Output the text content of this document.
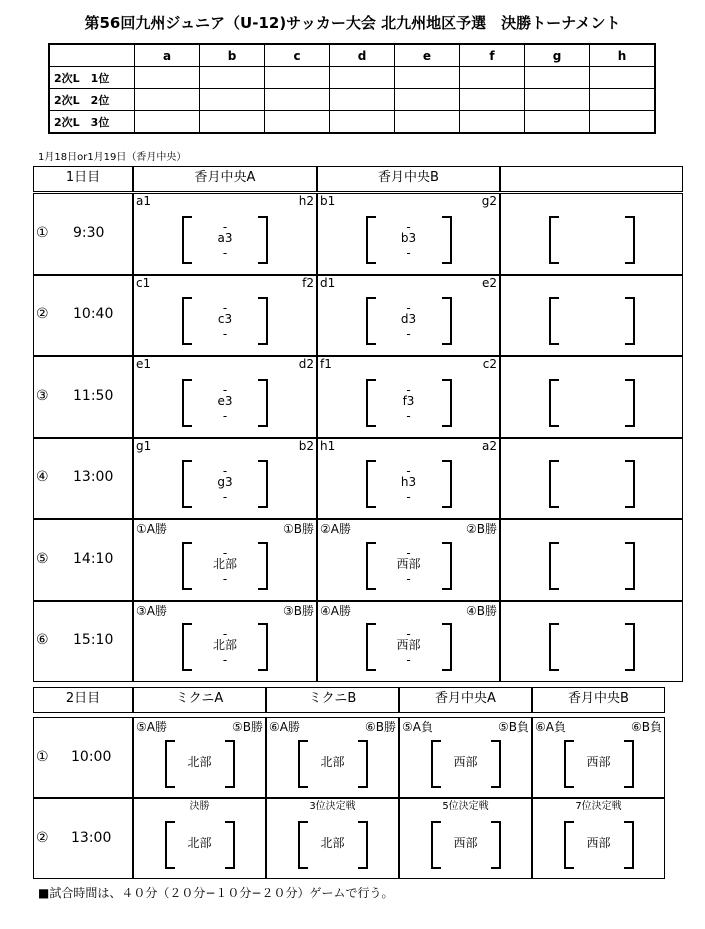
第56回九州ジュニア（U-12)サッカー大会 北九州地区予選　決勝トーナメント
	a	b	c	d	e	f	g	h
2次L　1位								
2次L　2位								
2次L　3位								
1月18日or1月19日（香月中央）
1日目	香月中央A	香月中央B
① 9:30
a1	h2
-
-
a3
b1	g2
-
-
b3
② 10:40
c1	f2
-
-
c3
d1	e2
-
-
d3
③ 11:50
e1	d2
-
-
e3
f1	c2
-
-
f3
④ 13:00
g1	b2
-
-
g3
h1	a2
-
-
h3
⑤ 14:10
①A勝	①B勝
-
-
北部
②A勝	②B勝
-
-
西部
⑥ 15:10
③A勝	③B勝
-
-
北部
④A勝	④B勝
-
-
西部
2日目	ミクニA	ミクニB	香月中央A	香月中央B
① 10:00
⑤A勝	⑤B勝
北部
⑥A勝	⑥B勝
北部
⑤A負	⑤B負
西部
⑥A負	⑥B負
西部
② 13:00
決勝
北部
3位決定戦
北部
5位決定戦
西部
7位決定戦
西部
■試合時間は、４０分（２０分−１０分−２０分）ゲームで行う。
